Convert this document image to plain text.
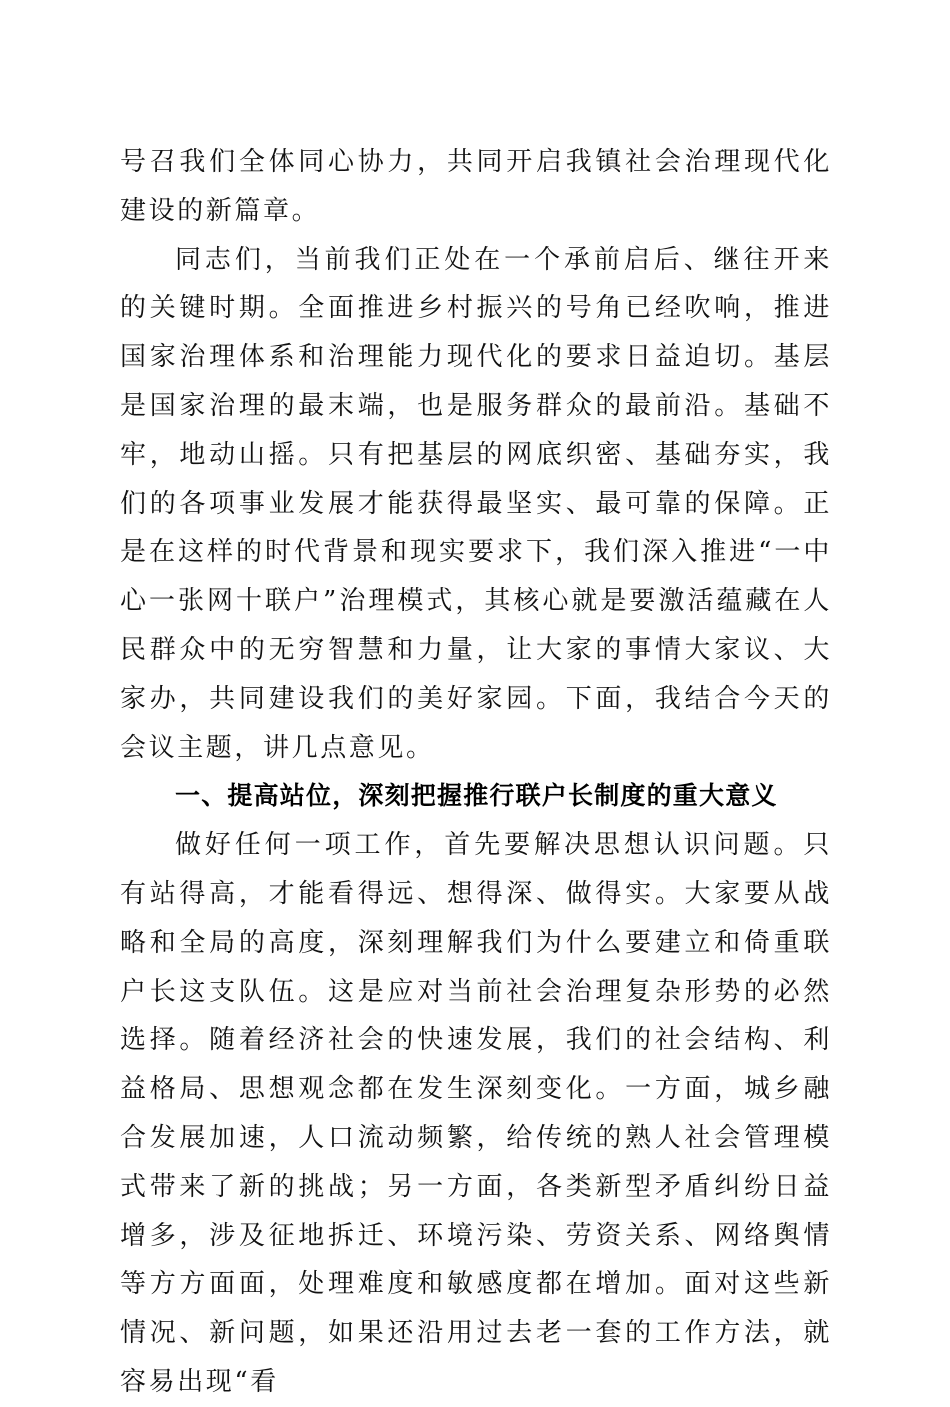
号召我们全体同心协力，共同开启我镇社会治理现代化建设的新篇章。

同志们，当前我们正处在一个承前启后、继往开来的关键时期。全面推进乡村振兴的号角已经吹响，推进国家治理体系和治理能力现代化的要求日益迫切。基层是国家治理的最末端，也是服务群众的最前沿。基础不牢，地动山摇。只有把基层的网底织密、基础夯实，我们的各项事业发展才能获得最坚实、最可靠的保障。正是在这样的时代背景和现实要求下，我们深入推进“一中心一张网十联户”治理模式，其核心就是要激活蕴藏在人民群众中的无穷智慧和力量，让大家的事情大家议、大家办，共同建设我们的美好家园。下面，我结合今天的会议主题，讲几点意见。

一、提高站位，深刻把握推行联户长制度的重大意义

做好任何一项工作，首先要解决思想认识问题。只有站得高，才能看得远、想得深、做得实。大家要从战略和全局的高度，深刻理解我们为什么要建立和倚重联户长这支队伍。这是应对当前社会治理复杂形势的必然选择。随着经济社会的快速发展，我们的社会结构、利益格局、思想观念都在发生深刻变化。一方面，城乡融合发展加速，人口流动频繁，给传统的熟人社会管理模式带来了新的挑战；另一方面，各类新型矛盾纠纷日益增多，涉及征地拆迁、环境污染、劳资关系、网络舆情等方方面面，处理难度和敏感度都在增加。面对这些新情况、新问题，如果还沿用过去老一套的工作方法，就容易出现“看
